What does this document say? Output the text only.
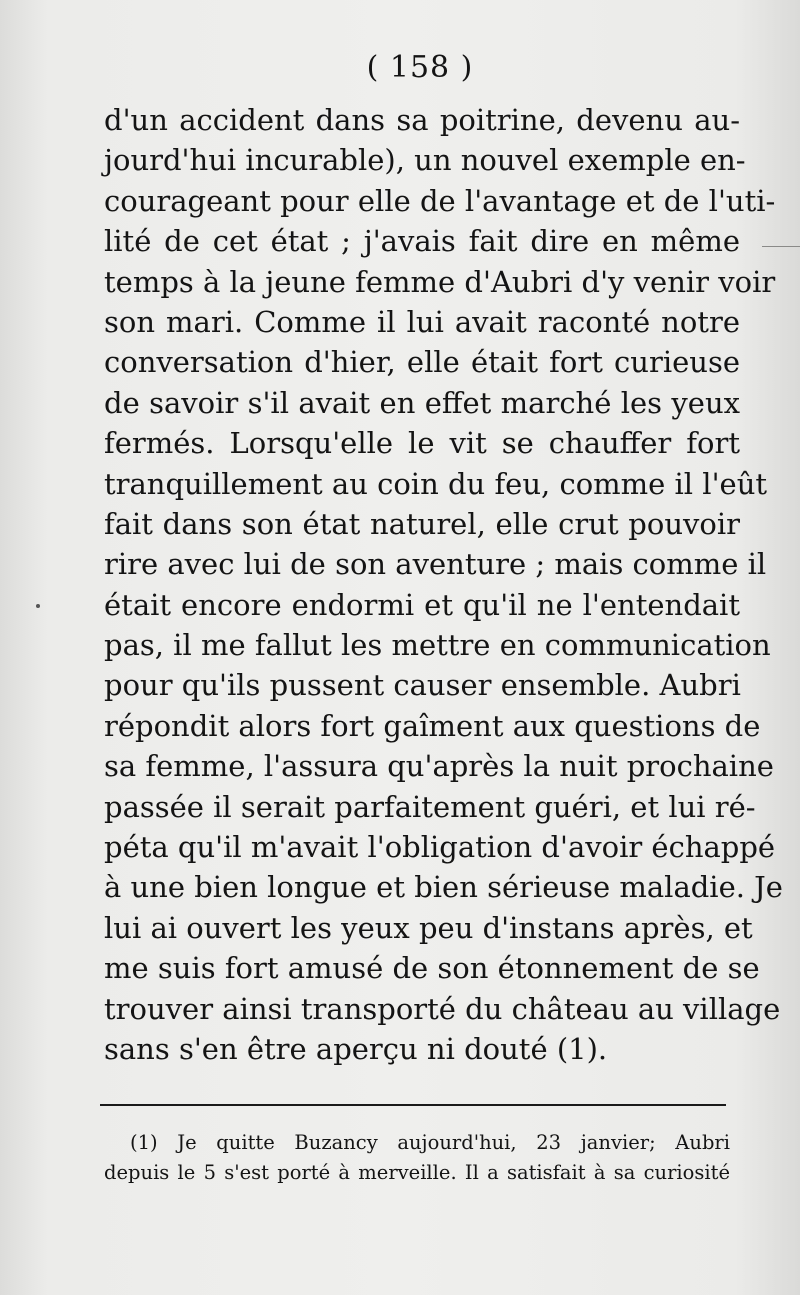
( 158 )
d'un accident dans sa poitrine, devenu au-
jourd'hui incurable), un nouvel exemple en-
courageant pour elle de l'avantage et de l'uti-
lité de cet état ; j'avais fait dire en même
temps à la jeune femme d'Aubri d'y venir voir
son mari. Comme il lui avait raconté notre
conversation d'hier, elle était fort curieuse
de savoir s'il avait en effet marché les yeux
fermés. Lorsqu'elle le vit se chauffer fort
tranquillement au coin du feu, comme il l'eût
fait dans son état naturel, elle crut pouvoir
rire avec lui de son aventure ; mais comme il
était encore endormi et qu'il ne l'entendait
pas, il me fallut les mettre en communication
pour qu'ils pussent causer ensemble. Aubri
répondit alors fort gaîment aux questions de
sa femme, l'assura qu'après la nuit prochaine
passée il serait parfaitement guéri, et lui ré-
péta qu'il m'avait l'obligation d'avoir échappé
à une bien longue et bien sérieuse maladie. Je
lui ai ouvert les yeux peu d'instans après, et
me suis fort amusé de son étonnement de se
trouver ainsi transporté du château au village
sans s'en être aperçu ni douté (1).
(1) Je quitte Buzancy aujourd'hui, 23 janvier; Aubri
depuis le 5 s'est porté à merveille. Il a satisfait à sa curiosité
